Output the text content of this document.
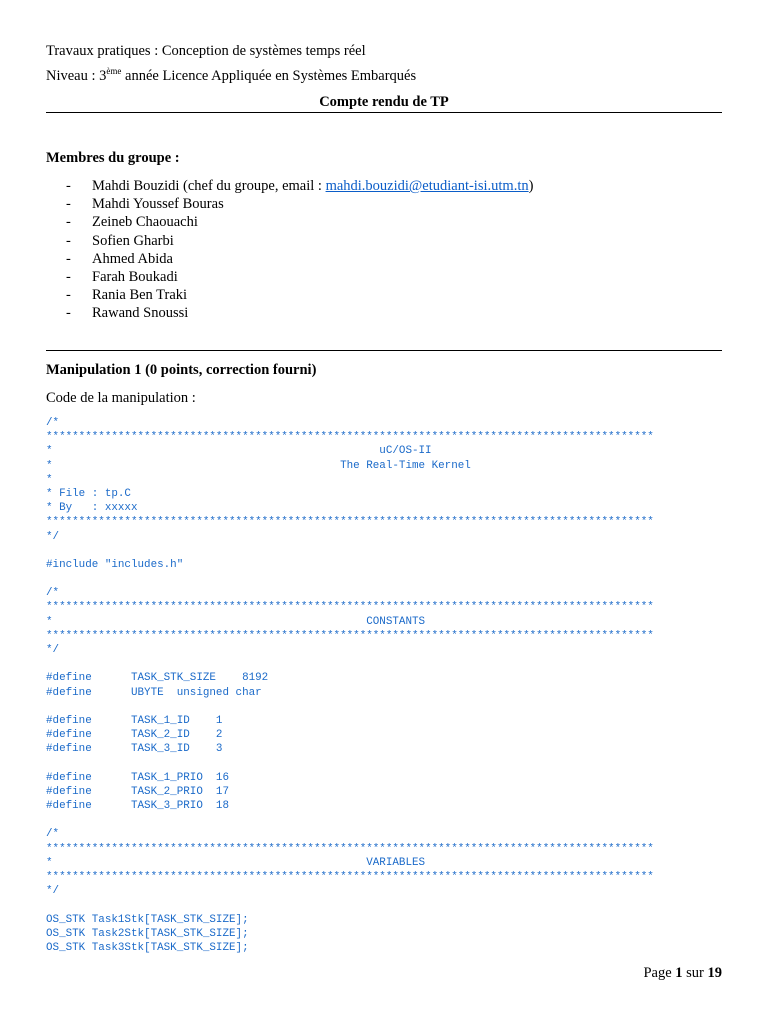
Travaux pratiques : Conception de systèmes temps réel
Niveau : 3ème année Licence Appliquée en Systèmes Embarqués
Compte rendu de TP
Membres du groupe :
- Mahdi Bouzidi (chef du groupe, email : mahdi.bouzidi@etudiant-isi.utm.tn)
- Mahdi Youssef Bouras
- Zeineb Chaouachi
- Sofien Gharbi
- Ahmed Abida
- Farah Boukadi
- Rania Ben Traki
- Rawand Snoussi
Manipulation 1 (0 points, correction fourni)
Code de la manipulation :
/*
*********************************************************************************************
*                                                  uC/OS-II
*                                            The Real-Time Kernel
*
* File : tp.C
* By   : xxxxx
*********************************************************************************************
*/
#include "includes.h"
/*
*********************************************************************************************
*                                                CONSTANTS
*********************************************************************************************
*/
#define      TASK_STK_SIZE    8192
#define      UBYTE  unsigned char
#define      TASK_1_ID    1
#define      TASK_2_ID    2
#define      TASK_3_ID    3
#define      TASK_1_PRIO  16
#define      TASK_2_PRIO  17
#define      TASK_3_PRIO  18
/*
*********************************************************************************************
*                                                VARIABLES
*********************************************************************************************
*/
OS_STK Task1Stk[TASK_STK_SIZE];
OS_STK Task2Stk[TASK_STK_SIZE];
OS_STK Task3Stk[TASK_STK_SIZE];
Page 1 sur 19
